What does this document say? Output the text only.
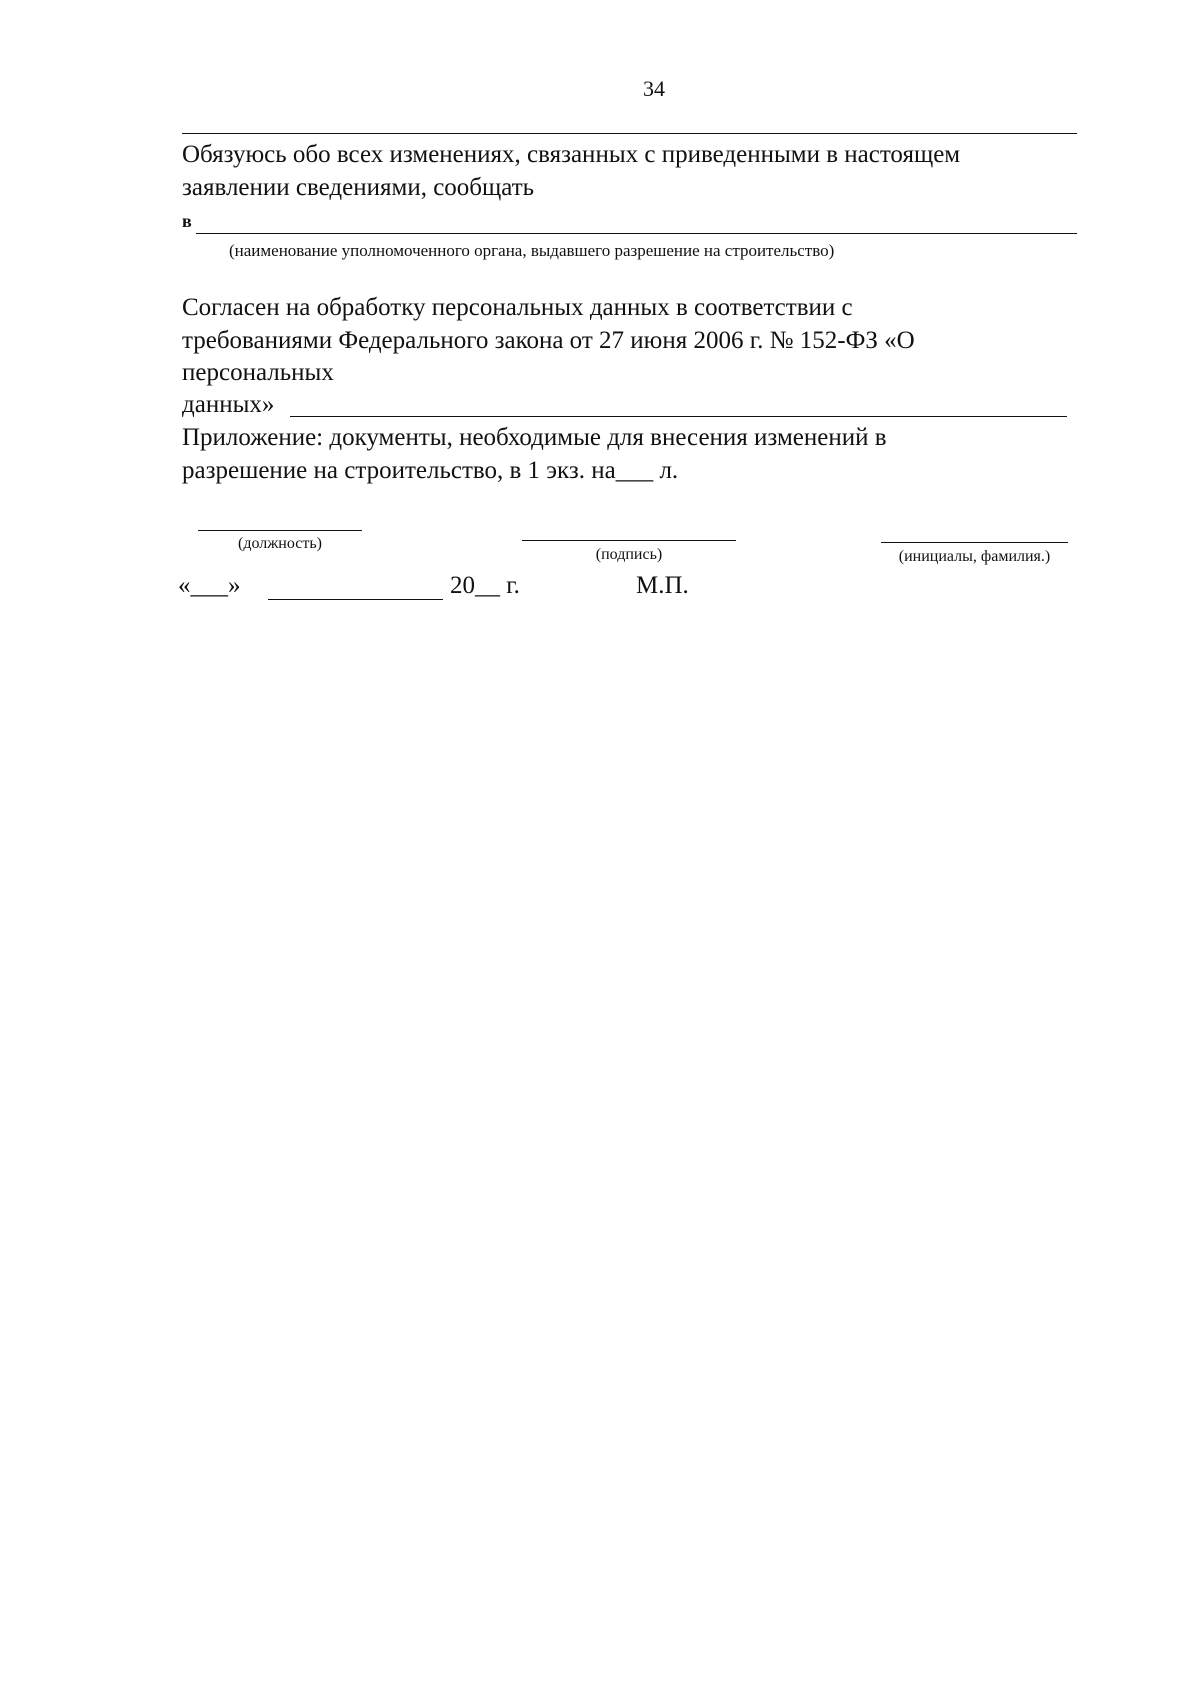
34
Обязуюсь обо всех изменениях, связанных с приведенными в настоящем
заявлении сведениями, сообщать
в
(наименование уполномоченного органа, выдавшего разрешение на строительство)
Согласен на обработку персональных данных в соответствии с
требованиями Федерального закона от 27 июня 2006 г. № 152-ФЗ «О
персональных
данных»
Приложение: документы, необходимые для внесения изменений в
разрешение на строительство, в 1 экз. на___ л.
(должность)
(подпись)	(инициалы, фамилия.)
«___»	20__ г.	М.П.
